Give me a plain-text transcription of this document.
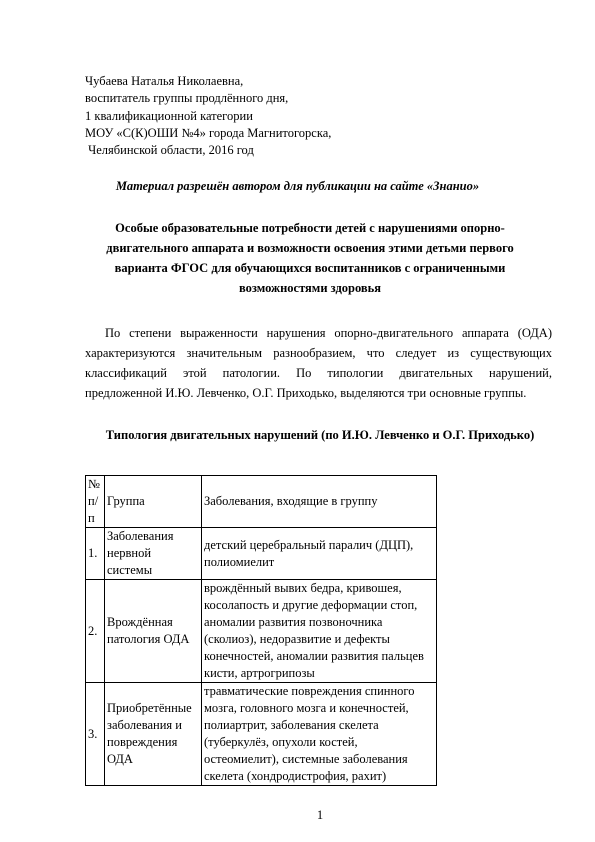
Чубаева Наталья Николаевна,
воспитатель группы продлённого дня,
1 квалификационной категории
МОУ «С(К)ОШИ №4» города Магнитогорска,
Челябинской области, 2016 год
Материал разрешён автором для публикации на сайте «Знанио»
Особые образовательные потребности детей с нарушениями опорно-двигательного аппарата и возможности освоения этими детьми первого варианта ФГОС для обучающихся воспитанников с ограниченными возможностями здоровья
По степени выраженности нарушения опорно-двигательного аппарата (ОДА) характеризуются значительным разнообразием, что следует из существующих классификаций этой патологии. По типологии двигательных нарушений, предложенной И.Ю. Левченко, О.Г. Приходько, выделяются три основные группы.
Типология двигательных нарушений (по И.Ю. Левченко и О.Г. Приходько)
№ п/п	Группа	Заболевания, входящие в группу
1.	Заболевания нервной системы	детский церебральный паралич (ДЦП), полиомиелит
2.	Врождённая патология ОДА	врождённый вывих бедра, кривошея, косолапость и другие деформации стоп, аномалии развития позвоночника (сколиоз), недоразвитие и дефекты конечностей, аномалии развития пальцев кисти, артрогрипозы
3.	Приобретённые заболевания и повреждения ОДА	травматические повреждения спинного мозга, головного мозга и конечностей, полиартрит, заболевания скелета (туберкулёз, опухоли костей, остеомиелит), системные заболевания скелета (хондродистрофия, рахит)
1
